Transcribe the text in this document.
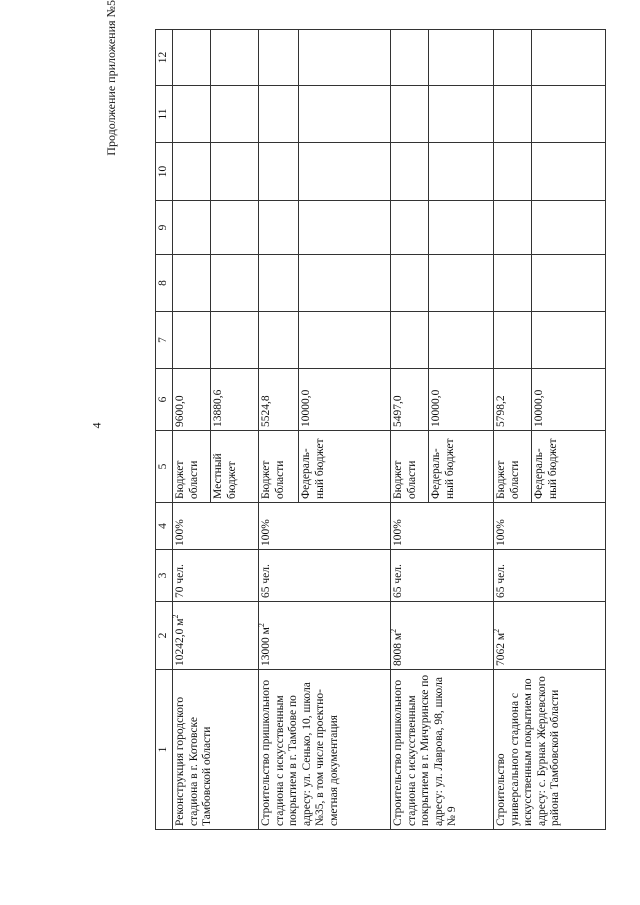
4
Продолжение приложения №5
1	2	3	4	5	6	7	8	9	10	11	12
Реконструкция городского стадиона в г. Котовске Тамбовской области	10242,0 $м^2$	70 чел.	100%	Бюджет области	9600,0						
				Местный бюджет	13880,6						
Строительство пришкольного стадиона с искусственным покрытием в г. Тамбове по адресу: ул. Сенько, 10, школа №35, в том числе проектно-сметная документация	13000 $м^2$	65 чел.	100%	Бюджет области	5524,8						
				Федераль-ный бюджет	10000,0						
Строительство пришкольного стадиона с искусственным покрытием в г. Мичуринске по адресу: ул. Лаврова, 98, школа № 9	8008 $м^2$	65 чел.	100%	Бюджет области	5497,0						
				Федераль-ный бюджет	10000,0						
Строительство универсального стадиона с искусственным покрытием по адресу: с. Бурнак Жердевского района Тамбовской области	7062 $м^2$	65 чел.	100%	Бюджет области	5798,2						
				Федераль-ный бюджет	10000,0						
